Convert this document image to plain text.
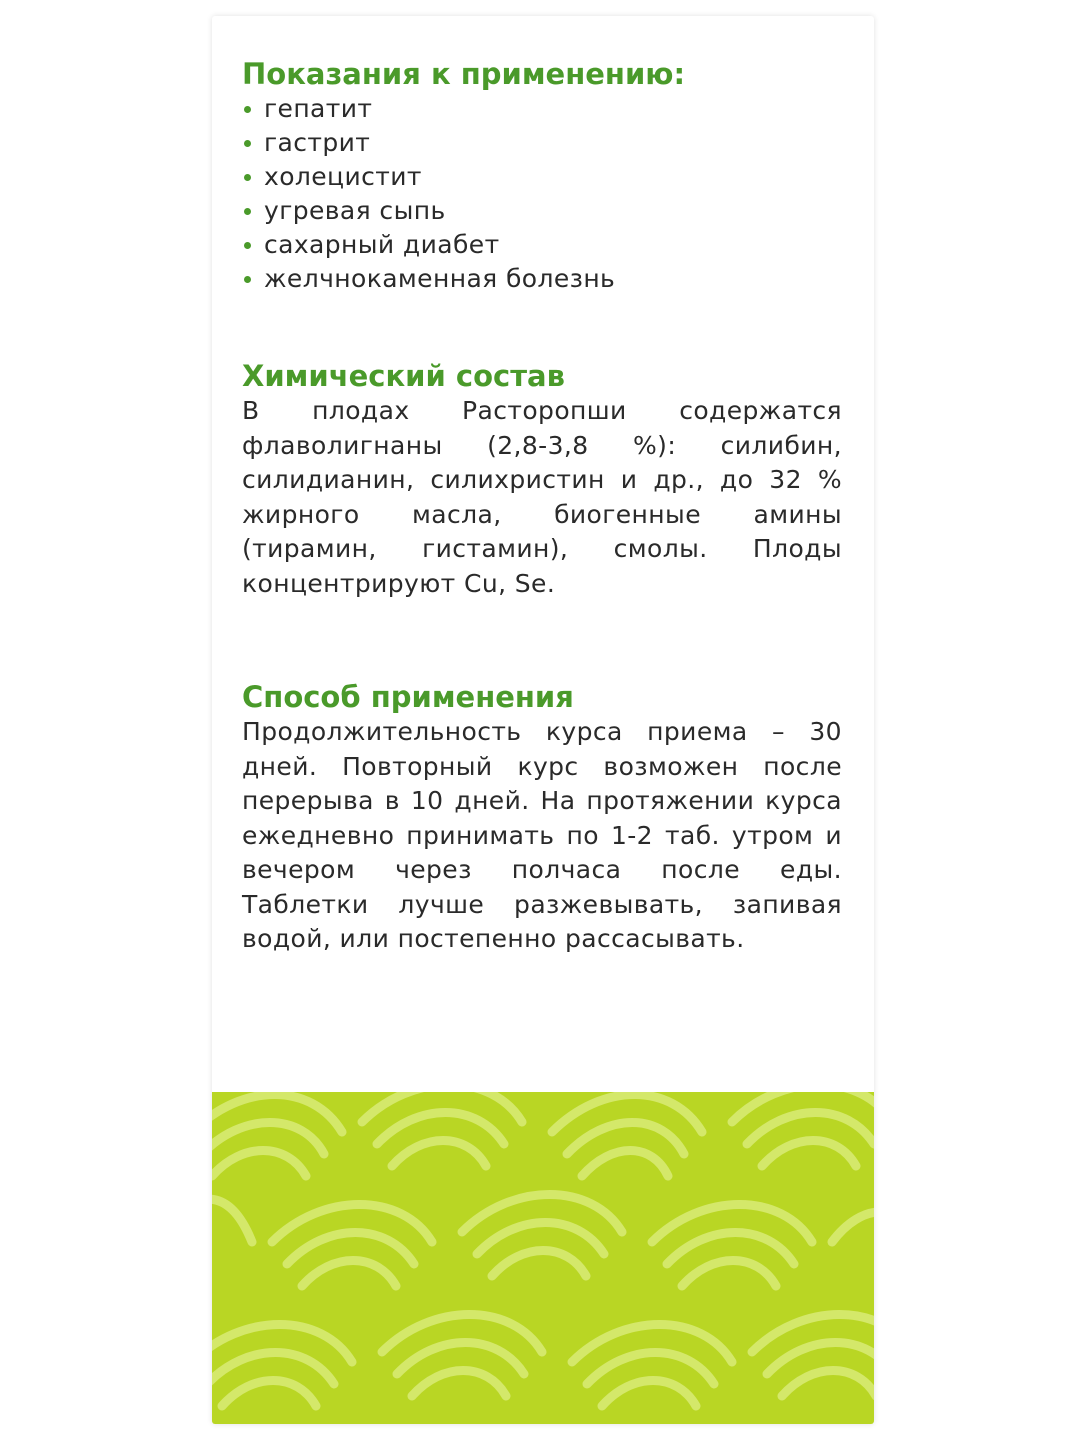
Показания к применению:
гепатит
гастрит
холецистит
угревая сыпь
сахарный диабет
желчнокаменная болезнь
Химический состав

В плодах Расторопши содержатся флаволигнаны (2,8-3,8 %): силибин, силидианин, силихристин и др., до 32 % жирного масла, биогенные амины (тирамин, гистамин), смолы. Плоды концентрируют Cu, Se.

Способ применения

Продолжительность курса приема – 30 дней. Повторный курс возможен после перерыва в 10 дней. На протяжении курса ежедневно принимать по 1-2 таб. утром и вечером через полчаса после еды. Таблетки лучше разжевывать, запивая водой, или постепенно рассасывать.
